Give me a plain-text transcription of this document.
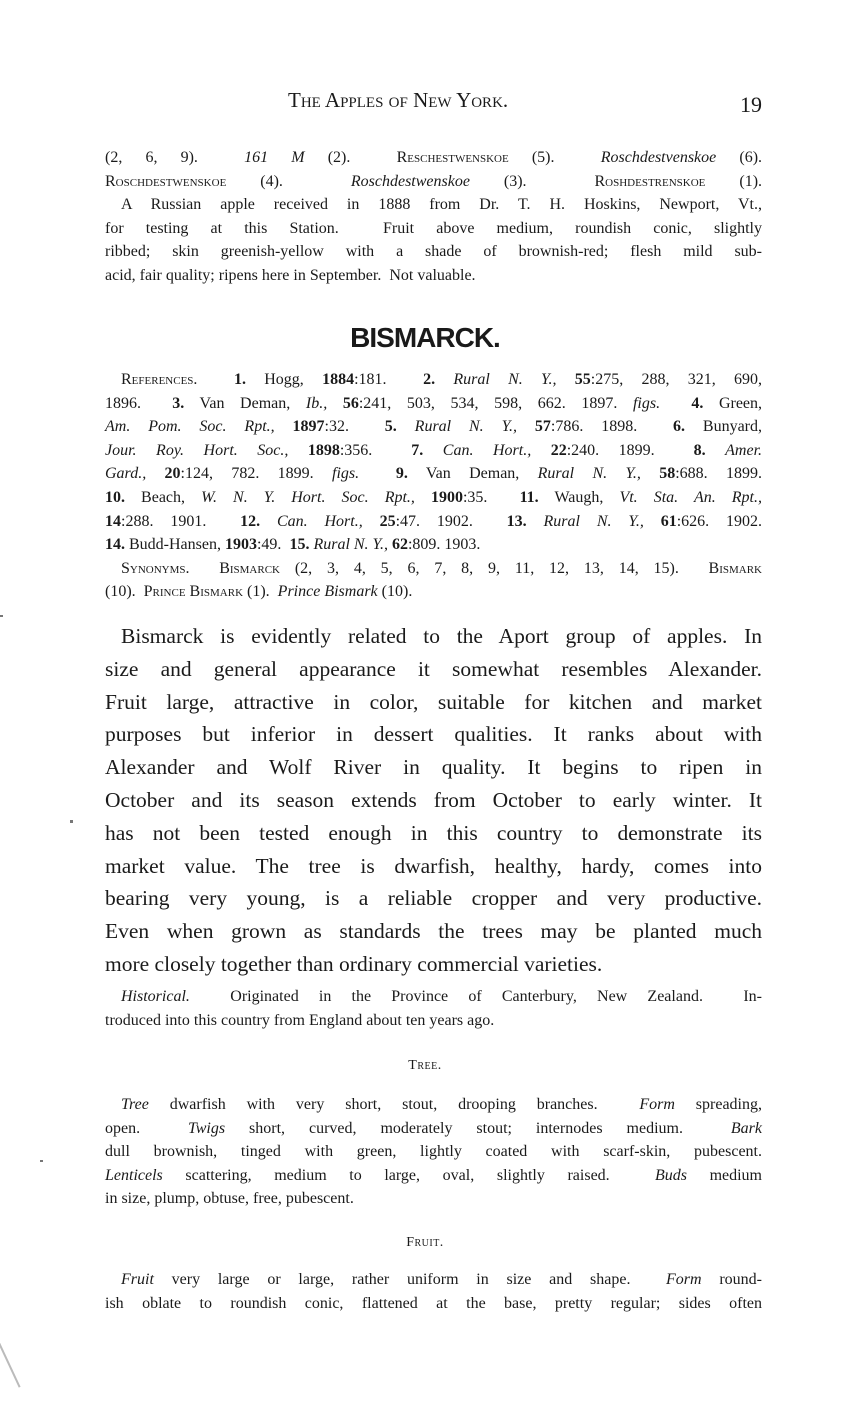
The Apples of New York.	19
(2, 6, 9).  161 M (2).  Reschestwenskoe (5).  Roschdestvenskoe (6).
Roschdestwenskoe (4).  Roschdestwenskoe (3).  Roshdestrenskoe (1).
A Russian apple received in 1888 from Dr. T. H. Hoskins, Newport, Vt.,
for testing at this Station.  Fruit above medium, roundish conic, slightly
ribbed; skin greenish-yellow with a shade of brownish-red; flesh mild sub-
acid, fair quality; ripens here in September.  Not valuable.
BISMARCK.
References.  1. Hogg, 1884:181.  2. Rural N. Y., 55:275, 288, 321, 690,
1896.  3. Van Deman, Ib., 56:241, 503, 534, 598, 662. 1897. figs. 4. Green,
Am. Pom. Soc. Rpt., 1897:32.  5. Rural N. Y., 57:786. 1898.  6. Bunyard,
Jour. Roy. Hort. Soc., 1898:356.  7. Can. Hort., 22:240. 1899.  8. Amer.
Gard., 20:124, 782. 1899. figs. 9. Van Deman, Rural N. Y., 58:688. 1899.
10. Beach, W. N. Y. Hort. Soc. Rpt., 1900:35.  11. Waugh, Vt. Sta. An. Rpt.,
14:288. 1901.  12. Can. Hort., 25:47. 1902.  13. Rural N. Y., 61:626. 1902.
14. Budd-Hansen, 1903:49.  15. Rural N. Y., 62:809. 1903.
Synonyms. Bismarck (2, 3, 4, 5, 6, 7, 8, 9, 11, 12, 13, 14, 15).  Bismark
(10).  Prince Bismark (1).  Prince Bismark (10).
Bismarck is evidently related to the Aport group of apples. In
size and general appearance it somewhat resembles Alexander.
Fruit large, attractive in color, suitable for kitchen and market
purposes but inferior in dessert qualities. It ranks about with
Alexander and Wolf River in quality. It begins to ripen in
October and its season extends from October to early winter. It
has not been tested enough in this country to demonstrate its
market value. The tree is dwarfish, healthy, hardy, comes into
bearing very young, is a reliable cropper and very productive.
Even when grown as standards the trees may be planted much
more closely together than ordinary commercial varieties.
Historical.  Originated in the Province of Canterbury, New Zealand.  In-
troduced into this country from England about ten years ago.
Tree.
Tree dwarfish with very short, stout, drooping branches.  Form spreading,
open.  Twigs short, curved, moderately stout; internodes medium.  Bark
dull brownish, tinged with green, lightly coated with scarf-skin, pubescent.
Lenticels scattering, medium to large, oval, slightly raised.  Buds medium
in size, plump, obtuse, free, pubescent.
Fruit.
Fruit very large or large, rather uniform in size and shape.  Form round-
ish oblate to roundish conic, flattened at the base, pretty regular; sides often
